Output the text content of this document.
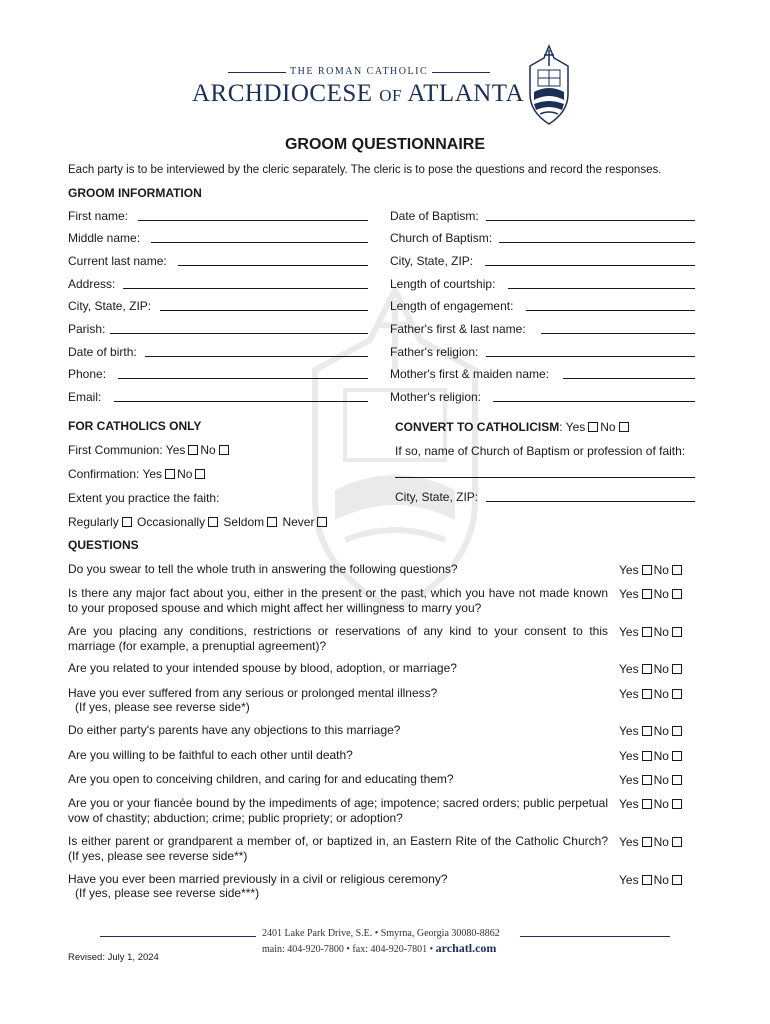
THE ROMAN CATHOLIC
ARCHDIOCESE OF ATLANTA
GROOM QUESTIONNAIRE
Each party is to be interviewed by the cleric separately. The cleric is to pose the questions and record the responses.
GROOM INFORMATION
First name:
Middle name:
Current last name:
Address:
City, State, ZIP:
Parish:
Date of birth:
Phone:
Email:
Date of Baptism:
Church of Baptism:
City, State, ZIP:
Length of courtship:
Length of engagement:
Father's first & last name:
Father's religion:
Mother's first & maiden name:
Mother's religion:
FOR CATHOLICS ONLY
First Communion: Yes No
Confirmation: Yes No
Extent you practice the faith:
Regularly Occasionally Seldom Never
CONVERT TO CATHOLICISM: Yes No
If so, name of Church of Baptism or profession of faith:
City, State, ZIP:
QUESTIONS
Do you swear to tell the whole truth in answering the following questions?
Is there any major fact about you, either in the present or the past, which you have not made known to your proposed spouse and which might affect her willingness to marry you?
Are you placing any conditions, restrictions or reservations of any kind to your consent to this marriage (for example, a prenuptial agreement)?
Are you related to your intended spouse by blood, adoption, or marriage?
Have you ever suffered from any serious or prolonged mental illness?
(If yes, please see reverse side*)
Do either party's parents have any objections to this marriage?
Are you willing to be faithful to each other until death?
Are you open to conceiving children, and caring for and educating them?
Are you or your fiancée bound by the impediments of age; impotence; sacred orders; public perpetual vow of chastity; abduction; crime; public propriety; or adoption?
Is either parent or grandparent a member of, or baptized in, an Eastern Rite of the Catholic Church? (If yes, please see reverse side**)
Have you ever been married previously in a civil or religious ceremony?
(If yes, please see reverse side***)
Yes No
Yes No
Yes No
Yes No
Yes No
Yes No
Yes No
Yes No
Yes No
Yes No
Yes No
2401 Lake Park Drive, S.E. • Smyrna, Georgia 30080-8862
main: 404-920-7800 • fax: 404-920-7801 • archatl.com
Revised: July 1, 2024
